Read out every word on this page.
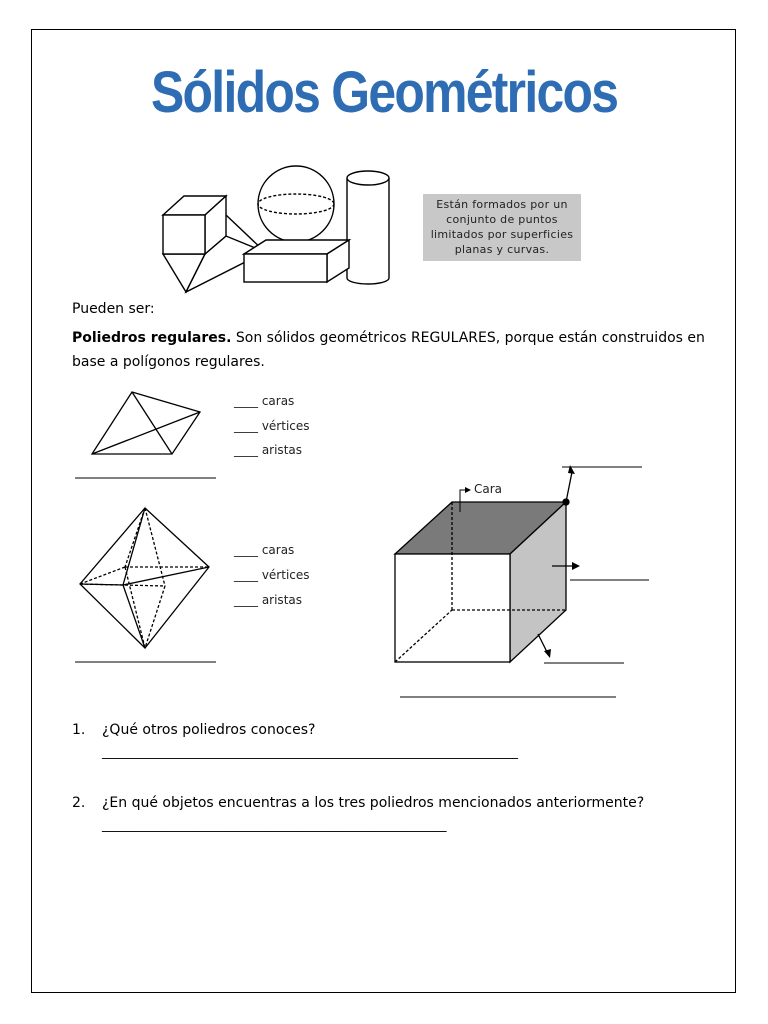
Sólidos Geométricos
Están formados por un conjunto de puntos limitados por superficies planas y curvas.
Cara
Pueden ser:
Poliedros regulares. Son sólidos geométricos REGULARES, porque están construidos en
base a polígonos regulares.
____ caras
____ vértices
____ aristas
____ caras
____ vértices
____ aristas
1. ¿Qué otros poliedros conoces?
________________________________________________________________
2. ¿En qué objetos encuentras a los tres poliedros mencionados anteriormente?
_____________________________________________________
